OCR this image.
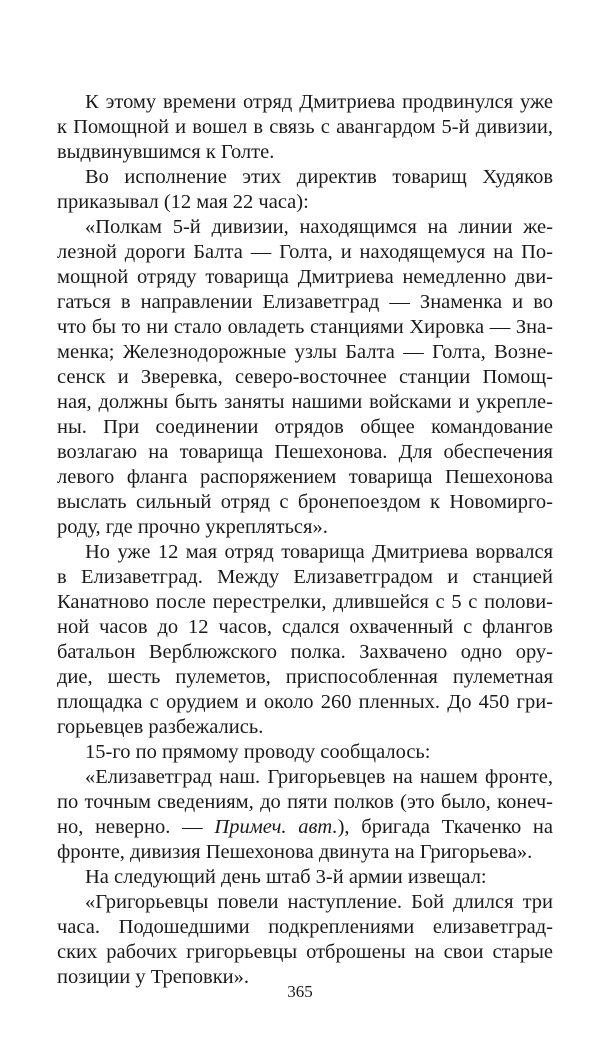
К этому времени отряд Дмитриева продвинулся уже
к Помощной и вошел в связь с авангардом 5-й дивизии,
выдвинувшимся к Голте.
Во исполнение этих директив товарищ Худяков
приказывал (12 мая 22 часа):
«Полкам 5-й дивизии, находящимся на линии же-
лезной дороги Балта — Голта, и находящемуся на По-
мощной отряду товарища Дмитриева немедленно дви-
гаться в направлении Елизаветград — Знаменка и во
что бы то ни стало овладеть станциями Хировка — Зна-
менка; Железнодорожные узлы Балта — Голта, Возне-
сенск и Зверевка, северо-восточнее станции Помощ-
ная, должны быть заняты нашими войсками и укрепле-
ны. При соединении отрядов общее командование
возлагаю на товарища Пешехонова. Для обеспечения
левого фланга распоряжением товарища Пешехонова
выслать сильный отряд с бронепоездом к Новомирго-
роду, где прочно укрепляться».
Но уже 12 мая отряд товарища Дмитриева ворвался
в Елизаветград. Между Елизаветградом и станцией
Канатново после перестрелки, длившейся с 5 с полови-
ной часов до 12 часов, сдался охваченный с флангов
батальон Верблюжского полка. Захвачено одно ору-
дие, шесть пулеметов, приспособленная пулеметная
площадка с орудием и около 260 пленных. До 450 гри-
горьевцев разбежались.
15-го по прямому проводу сообщалось:
«Елизаветград наш. Григорьевцев на нашем фронте,
по точным сведениям, до пяти полков (это было, конеч-
но, неверно. — Примеч. авт.), бригада Ткаченко на
фронте, дивизия Пешехонова двинута на Григорьева».
На следующий день штаб 3-й армии извещал:
«Григорьевцы повели наступление. Бой длился три
часа. Подошедшими подкреплениями елизаветград-
ских рабочих григорьевцы отброшены на свои старые
позиции у Треповки».
365
